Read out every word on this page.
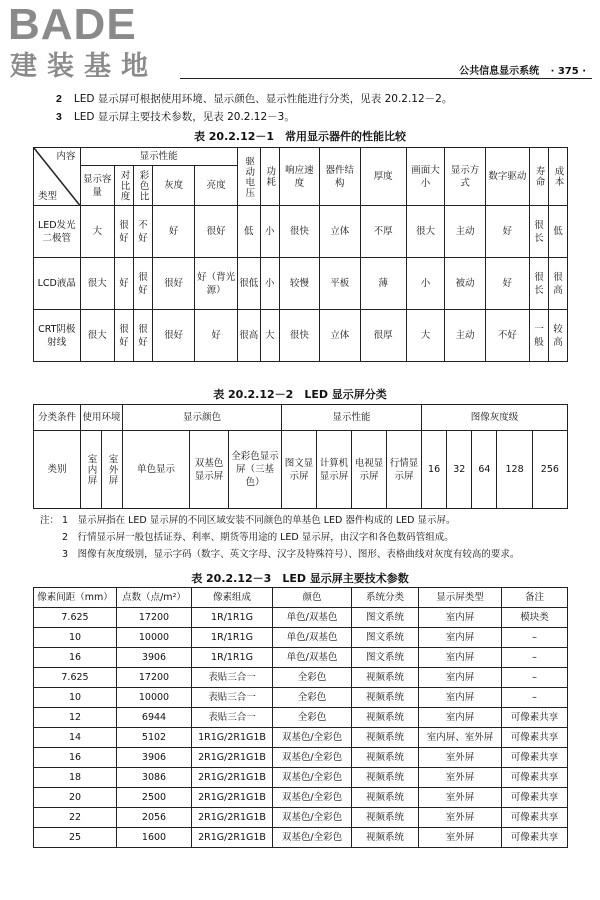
BADE
建装基地	公共信息显示系统 · 375 ·
2 LED 显示屏可根据使用环境、显示颜色、显示性能进行分类，见表 20.2.12－2。
3 LED 显示屏主要技术参数，见表 20.2.12－3。
表 20.2.12－1　常用显示器件的性能比较
内容
类型	显示性能					驱动电压	功耗	响应速度	器件结构	厚度	画面大小	显示方式	数字驱动	寿命	成本

	显示容量	对比度	彩色比	灰度	亮度										
LED发光二极管	大	很好	不好	好	很好	低	小	很快	立体	不厚	很大	主动	好	很长	低
LCD液晶	很大	好	很好	很好	好（背光源）	很低	小	较慢	平板	薄	小	被动	好	很长	很高
CRT阴极射线	很大	很好	很好	很好	好	很高	大	很快	立体	很厚	大	主动	不好	一般	较高
表 20.2.12－2　LED 显示屏分类
分类条件	使用环境		显示颜色			显示性能				图像灰度级				
类别	室内屏	室外屏	单色显示	双基色显示屏	全彩色显示屏（三基色）	图文显示屏	计算机显示屏	电视显示屏	行情显示屏	16	32	64	128	256
注： 1　 显示屏指在 LED 显示屏的不同区域安装不同颜色的单基色 LED 器件构成的 LED 显示屏。
2　 行情显示屏一般包括证券、利率、期货等用途的 LED 显示屏，由汉字和各色数码管组成。
3　 图像有灰度级别，显示字码（数字、英文字母、汉字及特殊符号）、图形、表格曲线对灰度有较高的要求。
表 20.2.12－3　LED 显示屏主要技术参数
像素间距（mm）	点数（点/m²）	像素组成	颜色	系统分类	显示屏类型	备注
7.625	17200	1R/1R1G	单色/双基色	图文系统	室内屏	模块类
10	10000	1R/1R1G	单色/双基色	图文系统	室内屏	–
16	3906	1R/1R1G	单色/双基色	图文系统	室内屏	–
7.625	17200	表贴三合一	全彩色	视频系统	室内屏	–
10	10000	表贴三合一	全彩色	视频系统	室内屏	–
12	6944	表贴三合一	全彩色	视频系统	室内屏	可像素共享
14	5102	1R1G/2R1G1B	双基色/全彩色	视频系统	室内屏、室外屏	可像素共享
16	3906	2R1G/2R1G1B	双基色/全彩色	视频系统	室外屏	可像素共享
18	3086	2R1G/2R1G1B	双基色/全彩色	视频系统	室外屏	可像素共享
20	2500	2R1G/2R1G1B	双基色/全彩色	视频系统	室外屏	可像素共享
22	2056	2R1G/2R1G1B	双基色/全彩色	视频系统	室外屏	可像素共享
25	1600	2R1G/2R1G1B	双基色/全彩色	视频系统	室外屏	可像素共享
